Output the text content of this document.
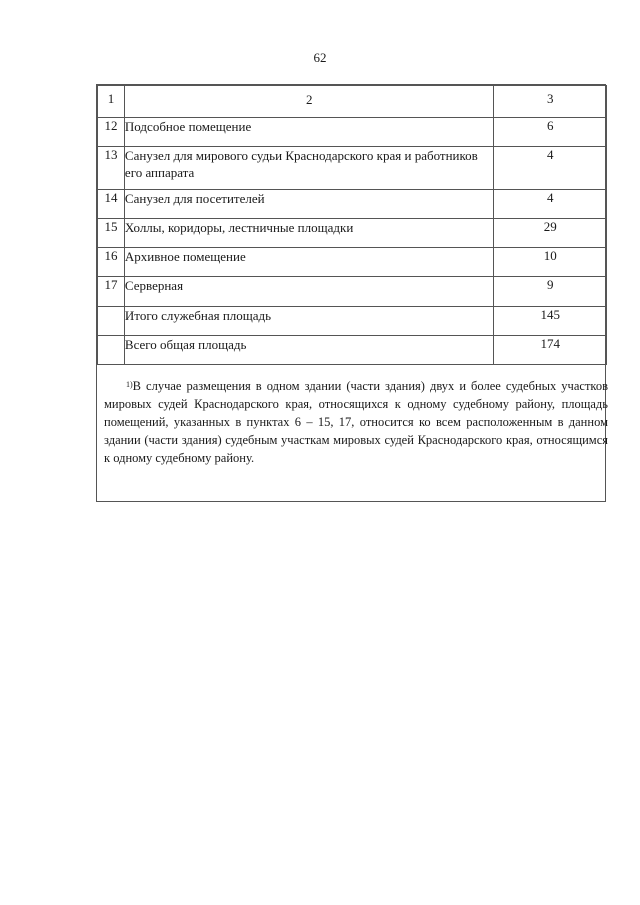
62
1	2	3
12	Подсобное помещение	6
13	Санузел для мирового судьи Краснодарского края и работников его аппарата	4
14	Санузел для посетителей	4
15	Холлы, коридоры, лестничные площадки	29
16	Архивное помещение	10
17	Серверная	9
	Итого служебная площадь	145
	Всего общая площадь	174
$^{1)}$В случае размещения в одном здании (части здания) двух и более судебных участков мировых судей Краснодарского края, относящихся к одному судебному району, площадь помещений, указанных в пунктах 6 – 15, 17, относится ко всем расположенным в данном здании (части здания) судебным участкам мировых судей Краснодарского края, относящимся к одному судебному району.
